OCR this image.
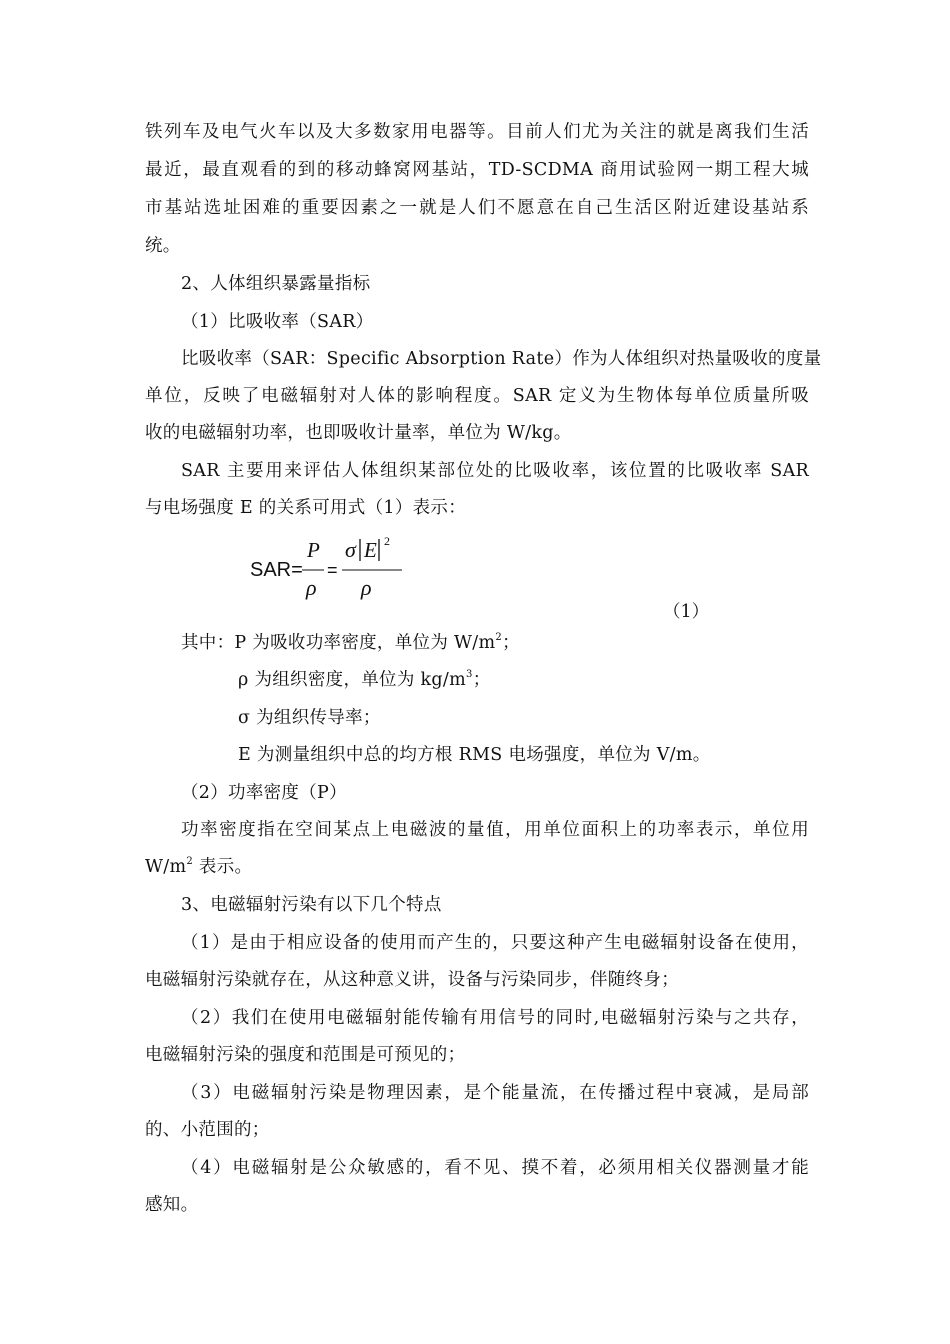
铁列车及电气火车以及大多数家用电器等。目前人们尤为关注的就是离我们生活
最近，最直观看的到的移动蜂窝网基站，TD-SCDMA 商用试验网一期工程大城
市基站选址困难的重要因素之一就是人们不愿意在自己生活区附近建设基站系
统。
2、人体组织暴露量指标
（1）比吸收率（SAR）
比吸收率（SAR：Specific Absorption Rate）作为人体组织对热量吸收的度量
单位，反映了电磁辐射对人体的影响程度。SAR 定义为生物体每单位质量所吸
收的电磁辐射功率，也即吸收计量率，单位为 W/kg。
SAR 主要用来评估人体组织某部位处的比吸收率，该位置的比吸收率 SAR
与电场强度 E 的关系可用式（1）表示：
SAR=
P
ρ
=
σ E 2
ρ
（1）
其中：P 为吸收功率密度，单位为 $W/m^2$；
ρ 为组织密度，单位为 $kg/m^3$；
σ 为组织传导率；
E 为测量组织中总的均方根 RMS 电场强度，单位为 V/m。
（2）功率密度（P）
功率密度指在空间某点上电磁波的量值，用单位面积上的功率表示，单位用
$W/m^2$ 表示。
3、电磁辐射污染有以下几个特点
（1）是由于相应设备的使用而产生的，只要这种产生电磁辐射设备在使用，
电磁辐射污染就存在，从这种意义讲，设备与污染同步，伴随终身；
（2）我们在使用电磁辐射能传输有用信号的同时,电磁辐射污染与之共存，
电磁辐射污染的强度和范围是可预见的；
（3）电磁辐射污染是物理因素，是个能量流，在传播过程中衰减，是局部
的、小范围的；
（4）电磁辐射是公众敏感的，看不见、摸不着，必须用相关仪器测量才能
感知。
